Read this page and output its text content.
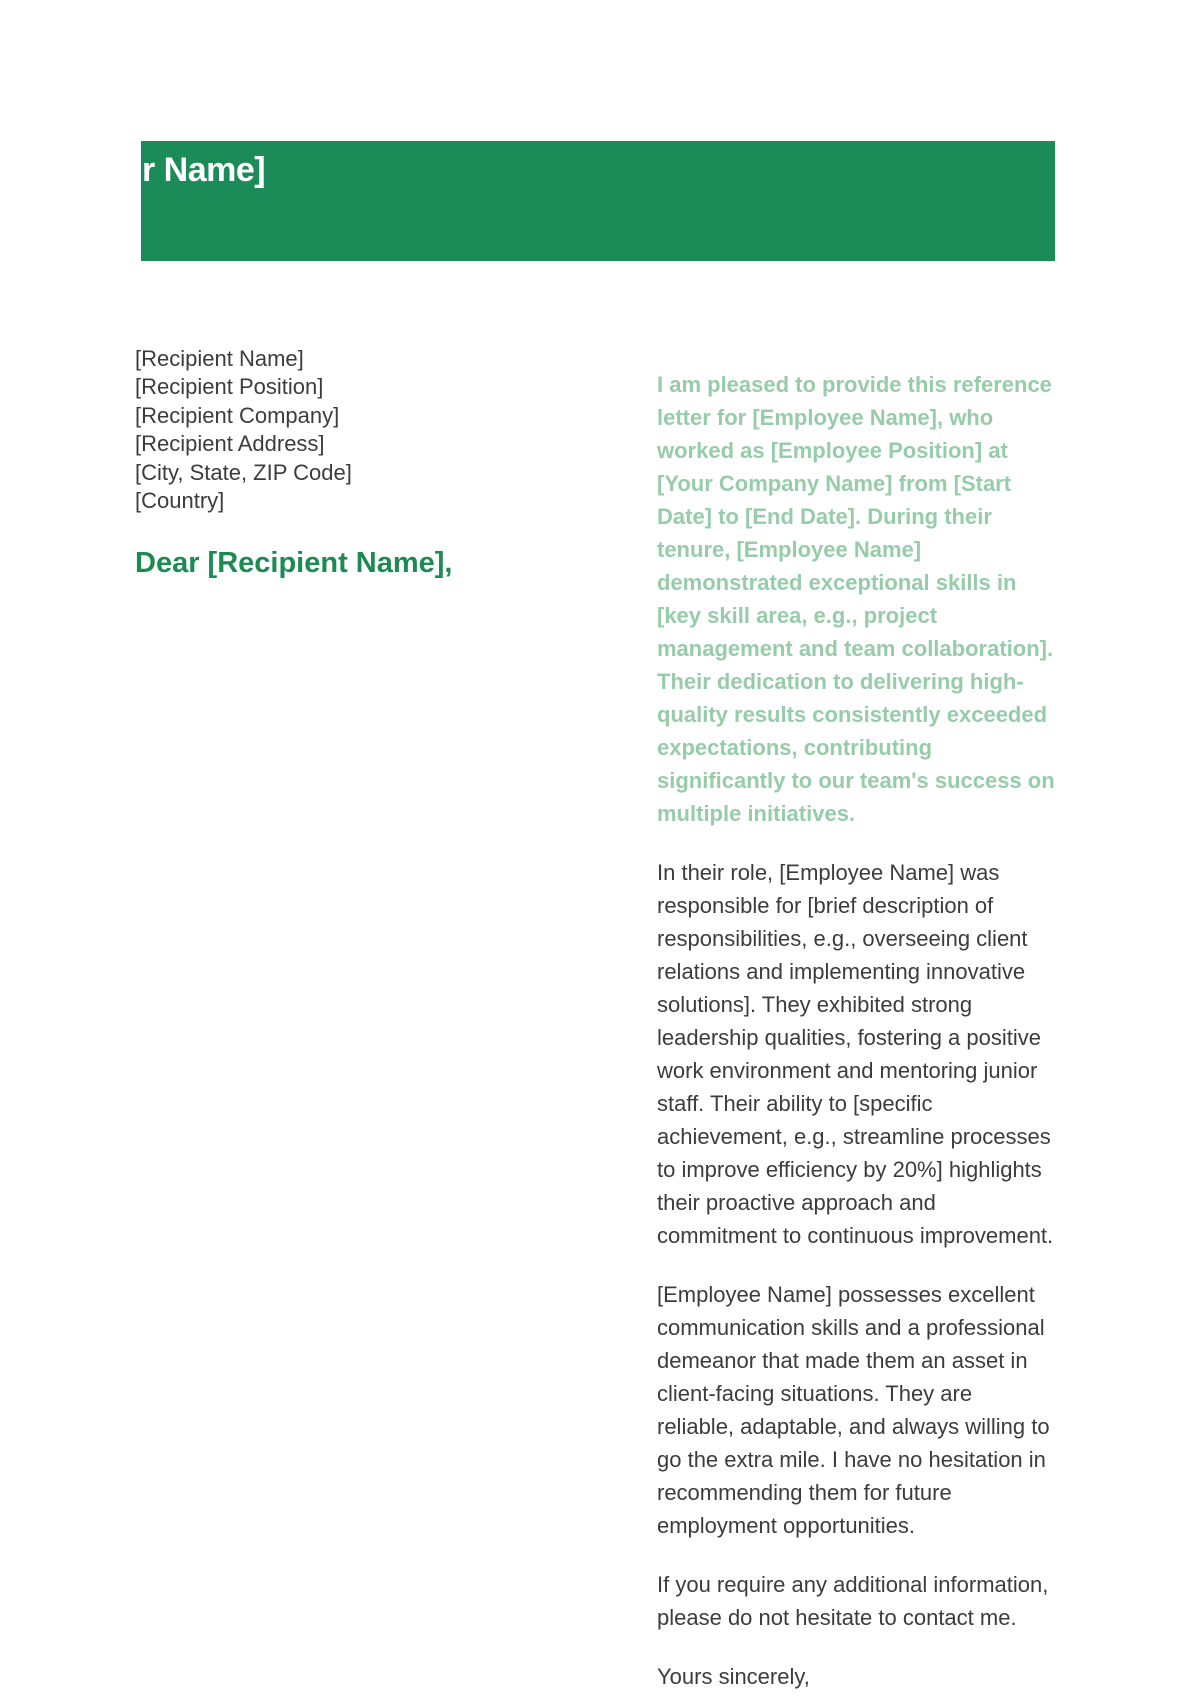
r Name]
[Recipient Name]
[Recipient Position]
[Recipient Company]
[Recipient Address]
[City, State, ZIP Code]
[Country]
Dear [Recipient Name],

I am pleased to provide this reference letter for [Employee Name], who worked as [Employee Position] at [Your Company Name] from [Start Date] to [End Date]. During their tenure, [Employee Name] demonstrated exceptional skills in [key skill area, e.g., project management and team collaboration]. Their dedication to delivering high-quality results consistently exceeded expectations, contributing significantly to our team's success on multiple initiatives.

In their role, [Employee Name] was responsible for [brief description of responsibilities, e.g., overseeing client relations and implementing innovative solutions]. They exhibited strong leadership qualities, fostering a positive work environment and mentoring junior staff. Their ability to [specific achievement, e.g., streamline processes to improve efficiency by 20%] highlights their proactive approach and commitment to continuous improvement.

[Employee Name] possesses excellent communication skills and a professional demeanor that made them an asset in client-facing situations. They are reliable, adaptable, and always willing to go the extra mile. I have no hesitation in recommending them for future employment opportunities.

If you require any additional information, please do not hesitate to contact me.

Yours sincerely,
